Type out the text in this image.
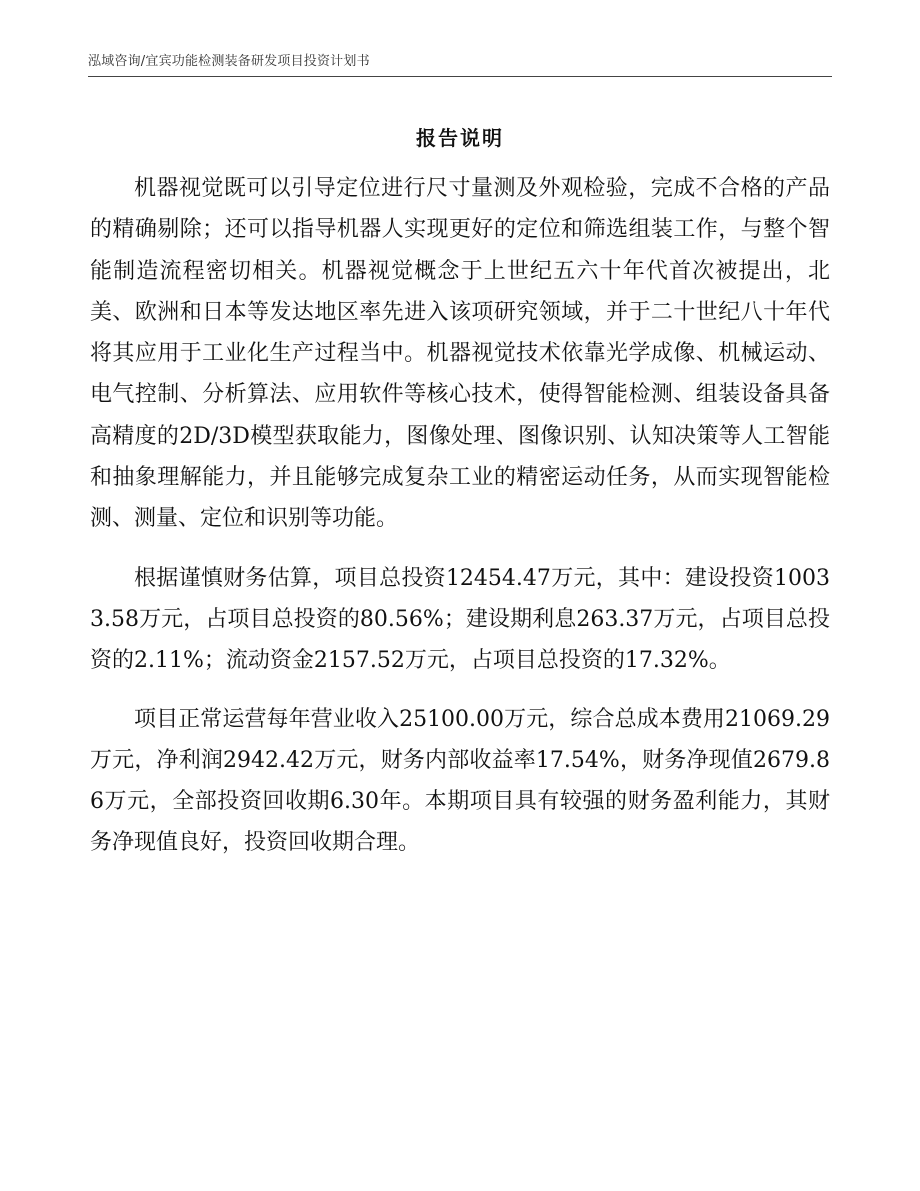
泓域咨询/宜宾功能检测装备研发项目投资计划书
报告说明

机器视觉既可以引导定位进行尺寸量测及外观检验，完成不合格的产品的精确剔除；还可以指导机器人实现更好的定位和筛选组装工作，与整个智能制造流程密切相关。机器视觉概念于上世纪五六十年代首次被提出，北美、欧洲和日本等发达地区率先进入该项研究领域，并于二十世纪八十年代将其应用于工业化生产过程当中。机器视觉技术依靠光学成像、机械运动、电气控制、分析算法、应用软件等核心技术，使得智能检测、组装设备具备高精度的2D/3D模型获取能力，图像处理、图像识别、认知决策等人工智能和抽象理解能力，并且能够完成复杂工业的精密运动任务，从而实现智能检测、测量、定位和识别等功能。

根据谨慎财务估算，项目总投资12454.47万元，其中：建设投资10033.58万元，占项目总投资的80.56%；建设期利息263.37万元，占项目总投资的2.11%；流动资金2157.52万元，占项目总投资的17.32%。

项目正常运营每年营业收入25100.00万元，综合总成本费用21069.29万元，净利润2942.42万元，财务内部收益率17.54%，财务净现值2679.86万元，全部投资回收期6.30年。本期项目具有较强的财务盈利能力，其财务净现值良好，投资回收期合理。
